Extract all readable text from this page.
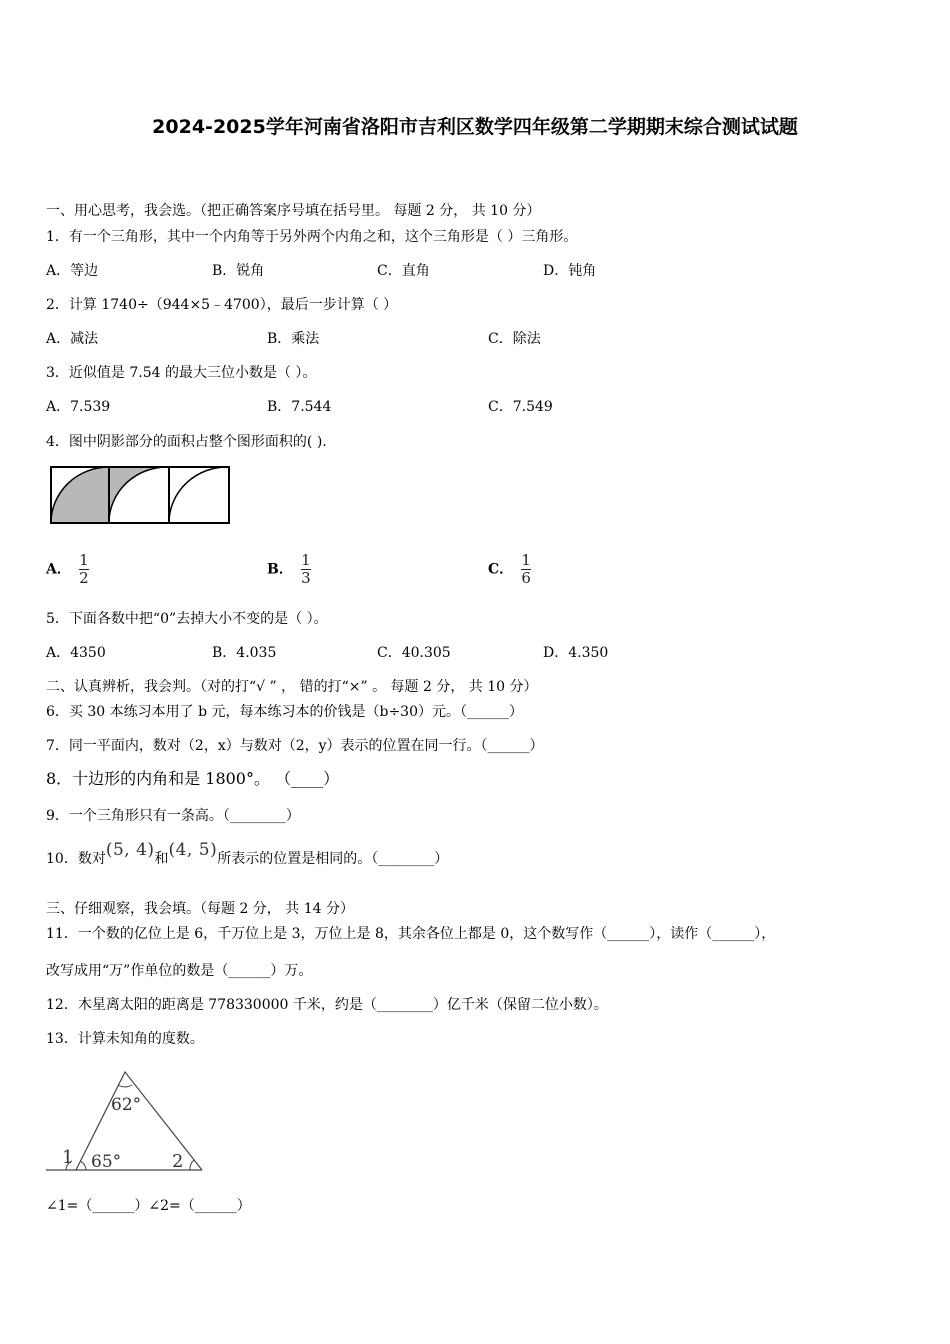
2024-2025学年河南省洛阳市吉利区数学四年级第二学期期末综合测试试题
一、用心思考，我会选。（把正确答案序号填在括号里。 每题 2 分， 共 10 分）
1．有一个三角形，其中一个内角等于另外两个内角之和，这个三角形是（ ）三角形。
A．等边	B．锐角	C．直角	D．钝角
2．计算 1740÷（944×5﹣4700），最后一步计算（ ）
A．减法	B．乘法	C．除法
3．近似值是 7.54 的最大三位小数是（ ）。
A．7.539	B．7.544	C．7.549
4．图中阴影部分的面积占整个图形面积的( ).
A． $\frac{1}{2}$	B． $\frac{1}{3}$	C． $\frac{1}{6}$
5．下面各数中把“0”去掉大小不变的是（ ）。
A．4350	B．4.035	C．40.305	D．4.350
二、认真辨析，我会判。（对的打“√ ” ， 错的打“×” 。 每题 2 分， 共 10 分）
6．买 30 本练习本用了 b 元，每本练习本的价钱是（b÷30）元。（______）
7．同一平面内，数对（2，x）与数对（2，y）表示的位置在同一行。（______）
8．十边形的内角和是 1800°。 （____）
9．一个三角形只有一条高。（________）
10．数对(5, 4)和(4, 5)所表示的位置是相同的。（________）
三、仔细观察，我会填。（每题 2 分， 共 14 分）
11．一个数的亿位上是 6，千万位上是 3，万位上是 8，其余各位上都是 0，这个数写作（______），读作（______），
改写成用“万”作单位的数是（______）万。
12．木星离太阳的距离是 778330000 千米，约是（________）亿千米（保留二位小数）。
13．计算未知角的度数。
62°
65°
1	2
∠1=（______）∠2=（______）
